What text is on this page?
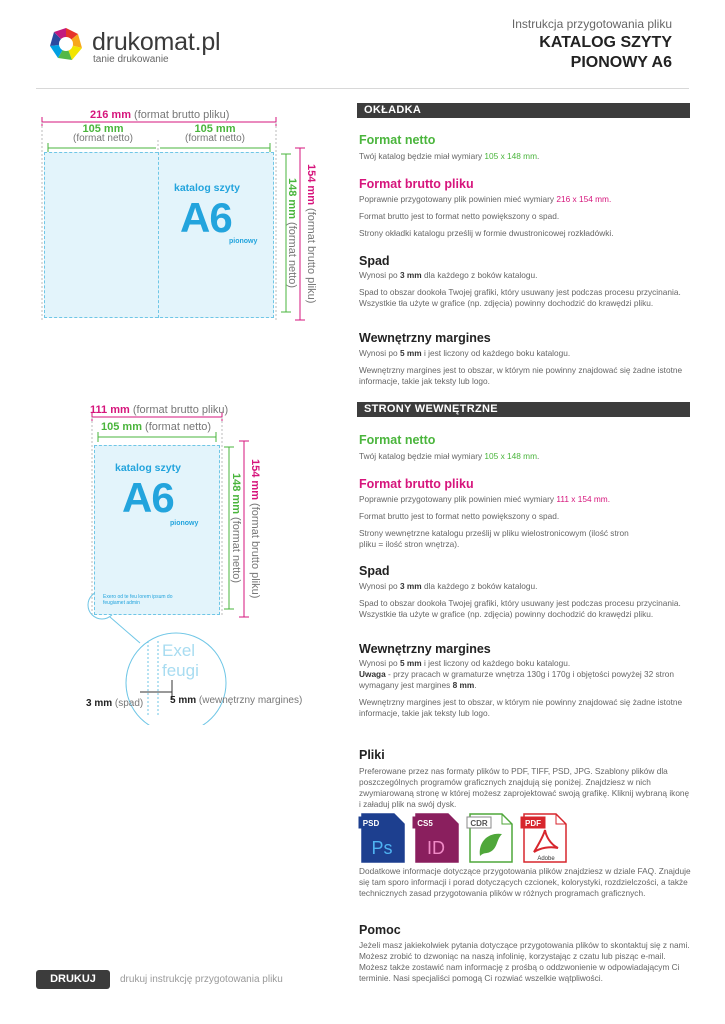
drukomat.pl
tanie drukowanie
Instrukcja przygotowania pliku
KATALOG SZYTY
PIONOWY A6
216 mm (format brutto pliku)
105 mm
(format netto)
105 mm
(format netto)
katalog szyty
A6
pionowy
148 mm (format netto)
154 mm (format brutto pliku)
111 mm (format brutto pliku)
105 mm (format netto)
katalog szyty
A6
pionowy
Exero od te feu lorem ipsum do feugiamet admin
Exel
feugi
148 mm (format netto)
154 mm (format brutto pliku)
3 mm (spad)	5 mm (wewnętrzny margines)
OKŁADKA
Format netto
Twój katalog będzie miał wymiary 105 x 148 mm.
Format brutto pliku
Poprawnie przygotowany plik powinien mieć wymiary 216 x 154 mm.
Format brutto jest to format netto powiększony o spad.
Strony okładki katalogu prześlij w formie dwustronicowej rozkładówki.
Spad
Wynosi po 3 mm dla każdego z boków katalogu.
Spad to obszar dookoła Twojej grafiki, który usuwany jest podczas procesu przycinania. Wszystkie tła użyte w grafice (np. zdjęcia) powinny dochodzić do krawędzi pliku.
Wewnętrzny margines
Wynosi po 5 mm i jest liczony od każdego boku katalogu.
Wewnętrzny margines jest to obszar, w którym nie powinny znajdować się żadne istotne informacje, takie jak teksty lub logo.
STRONY WEWNĘTRZNE
Format netto
Twój katalog będzie miał wymiary 105 x 148 mm.
Format brutto pliku
Poprawnie przygotowany plik powinien mieć wymiary 111 x 154 mm.
Format brutto jest to format netto powiększony o spad.
Strony wewnętrzne katalogu prześlij w pliku wielostronicowym (ilość stron pliku = ilość stron wnętrza).
Spad
Wynosi po 3 mm dla każdego z boków katalogu.
Spad to obszar dookoła Twojej grafiki, który usuwany jest podczas procesu przycinania. Wszystkie tła użyte w grafice (np. zdjęcia) powinny dochodzić do krawędzi pliku.
Wewnętrzny margines
Wynosi po 5 mm i jest liczony od każdego boku katalogu.
Uwaga - przy pracach w gramaturze wnętrza 130g i 170g i objętości powyżej 32 stron wymagany jest margines 8 mm.
Wewnętrzny margines jest to obszar, w którym nie powinny znajdować się żadne istotne informacje, takie jak teksty lub logo.
Pliki
Preferowane przez nas formaty plików to PDF, TIFF, PSD, JPG. Szablony plików dla poszczególnych programów graficznych znajdują się poniżej. Znajdziesz w nich zwymiarowaną stronę w której możesz zaprojektować swoją grafikę. Kliknij wybraną ikonę i załaduj plik na swój dysk.
PSD
Ps
CS5
ID
CDR	PDF
Adobe
Dodatkowe informacje dotyczące przygotowania plików znajdziesz w dziale FAQ. Znajduje się tam sporo informacji i porad dotyczących czcionek, kolorystyki, rozdzielczości, a także technicznych zasad przygotowania plików w różnych programach graficznych.
Pomoc
Jeżeli masz jakiekolwiek pytania dotyczące przygotowania plików to skontaktuj się z nami. Możesz zrobić to dzwoniąc na naszą infolinię, korzystając z czatu lub pisząc e-mail. Możesz także zostawić nam informację z prośbą o oddzwonienie w odpowiadającym Ci terminie. Nasi specjaliści pomogą Ci rozwiać wszelkie wątpliwości.
DRUKUJ	drukuj instrukcję przygotowania pliku
